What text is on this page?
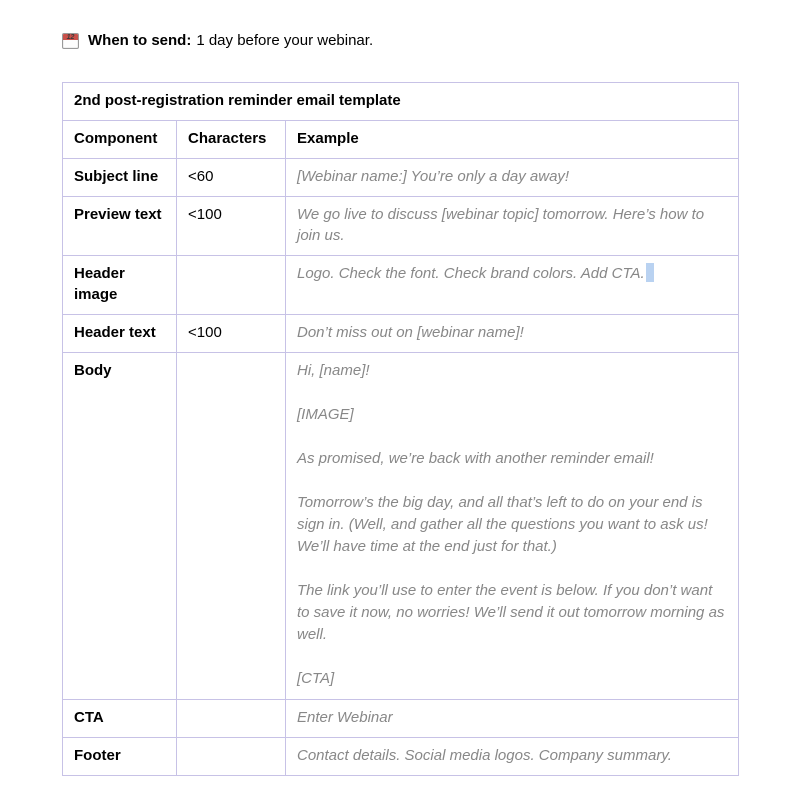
12 When to send: 1 day before your webinar.
2nd post-registration reminder email template		
Component	Characters	Example
Subject line	<60	[Webinar name:] You’re only a day away!
Preview text	<100	We go live to discuss [webinar topic] tomorrow. Here’s how to join us.
Header image		Logo. Check the font. Check brand colors. Add CTA.
Header text	<100	Don’t miss out on [webinar name]!
Body		Hi, [name]!

[IMAGE]

As promised, we’re back with another reminder email!

Tomorrow’s the big day, and all that’s left to do on your end is sign in. (Well, and gather all the questions you want to ask us! We’ll have time at the end just for that.)

The link you’ll use to enter the event is below. If you don’t want to save it now, no worries! We’ll send it out tomorrow morning as well.

[CTA]

CTA		Enter Webinar
Footer		Contact details. Social media logos. Company summary.
